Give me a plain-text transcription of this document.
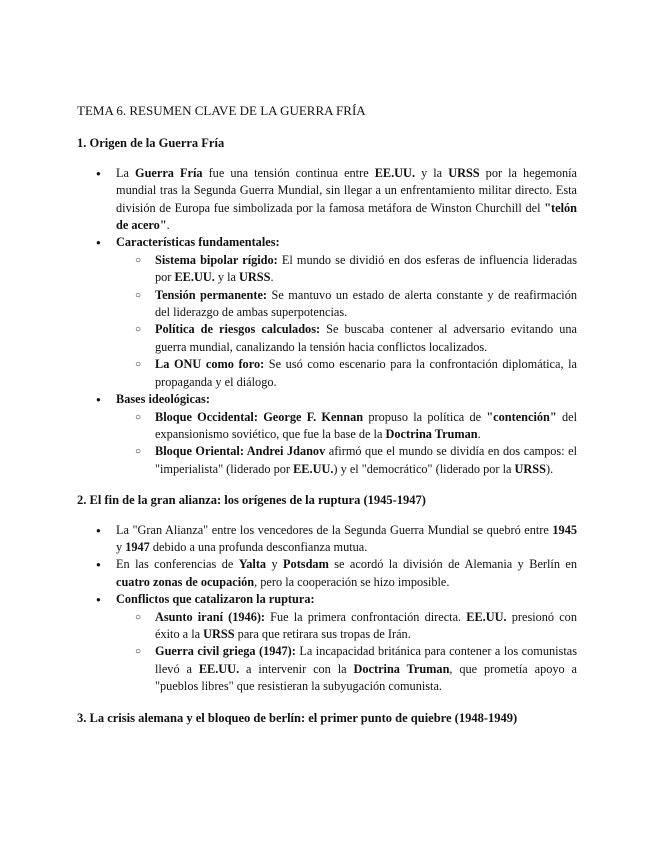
TEMA 6. RESUMEN CLAVE DE LA GUERRA FRÍA
1. Origen de la Guerra Fría
● La Guerra Fría fue una tensión continua entre EE.UU. y la URSS por la hegemonía mundial tras la Segunda Guerra Mundial, sin llegar a un enfrentamiento militar directo. Esta división de Europa fue simbolizada por la famosa metáfora de Winston Churchill del "telón de acero".
● Características fundamentales:
○ Sistema bipolar rígido: El mundo se dividió en dos esferas de influencia lideradas por EE.UU. y la URSS.
○ Tensión permanente: Se mantuvo un estado de alerta constante y de reafirmación del liderazgo de ambas superpotencias.
○ Política de riesgos calculados: Se buscaba contener al adversario evitando una guerra mundial, canalizando la tensión hacia conflictos localizados.
○ La ONU como foro: Se usó como escenario para la confrontación diplomática, la propaganda y el diálogo.
● Bases ideológicas:
○ Bloque Occidental: George F. Kennan propuso la política de "contención" del expansionismo soviético, que fue la base de la Doctrina Truman.
○ Bloque Oriental: Andrei Jdanov afirmó que el mundo se dividía en dos campos: el "imperialista" (liderado por EE.UU.) y el "democrático" (liderado por la URSS).
2. El fin de la gran alianza: los orígenes de la ruptura (1945-1947)
● La "Gran Alianza" entre los vencedores de la Segunda Guerra Mundial se quebró entre 1945 y 1947 debido a una profunda desconfianza mutua.
● En las conferencias de Yalta y Potsdam se acordó la división de Alemania y Berlín en cuatro zonas de ocupación, pero la cooperación se hizo imposible.
● Conflictos que catalizaron la ruptura:
○ Asunto iraní (1946): Fue la primera confrontación directa. EE.UU. presionó con éxito a la URSS para que retirara sus tropas de Irán.
○ Guerra civil griega (1947): La incapacidad británica para contener a los comunistas llevó a EE.UU. a intervenir con la Doctrina Truman, que prometía apoyo a "pueblos libres" que resistieran la subyugación comunista.
3. La crisis alemana y el bloqueo de berlín: el primer punto de quiebre (1948-1949)
